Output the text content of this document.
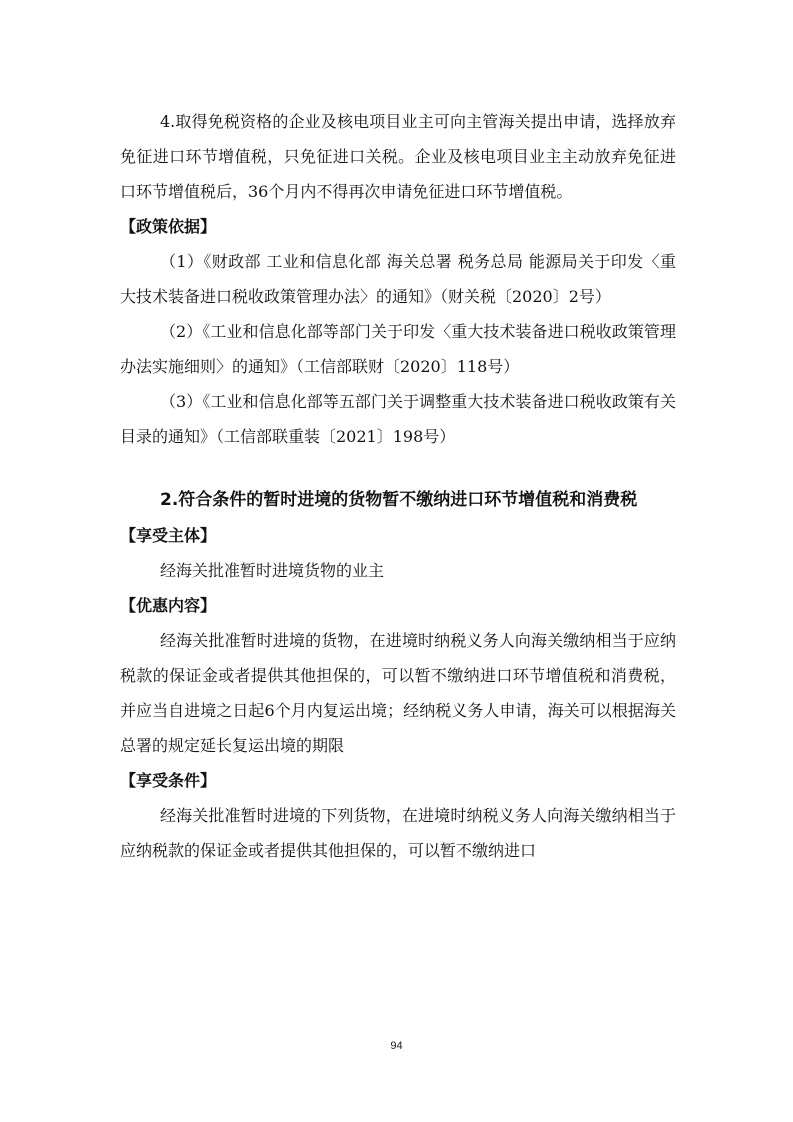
4.取得免税资格的企业及核电项目业主可向主管海关提出申请，选择放弃免征进口环节增值税，只免征进口关税。企业及核电项目业主主动放弃免征进口环节增值税后，36个月内不得再次申请免征进口环节增值税。

【政策依据】

（1）《财政部 工业和信息化部 海关总署 税务总局 能源局关于印发〈重大技术装备进口税收政策管理办法〉的通知》（财关税〔2020〕2号）

（2）《工业和信息化部等部门关于印发〈重大技术装备进口税收政策管理办法实施细则〉的通知》（工信部联财〔2020〕118号）

（3）《工业和信息化部等五部门关于调整重大技术装备进口税收政策有关目录的通知》（工信部联重装〔2021〕198号）

2.符合条件的暂时进境的货物暂不缴纳进口环节增值税和消费税

【享受主体】

经海关批准暂时进境货物的业主

【优惠内容】

经海关批准暂时进境的货物，在进境时纳税义务人向海关缴纳相当于应纳税款的保证金或者提供其他担保的，可以暂不缴纳进口环节增值税和消费税，并应当自进境之日起6个月内复运出境；经纳税义务人申请，海关可以根据海关总署的规定延长复运出境的期限

【享受条件】

经海关批准暂时进境的下列货物，在进境时纳税义务人向海关缴纳相当于应纳税款的保证金或者提供其他担保的，可以暂不缴纳进口

94
